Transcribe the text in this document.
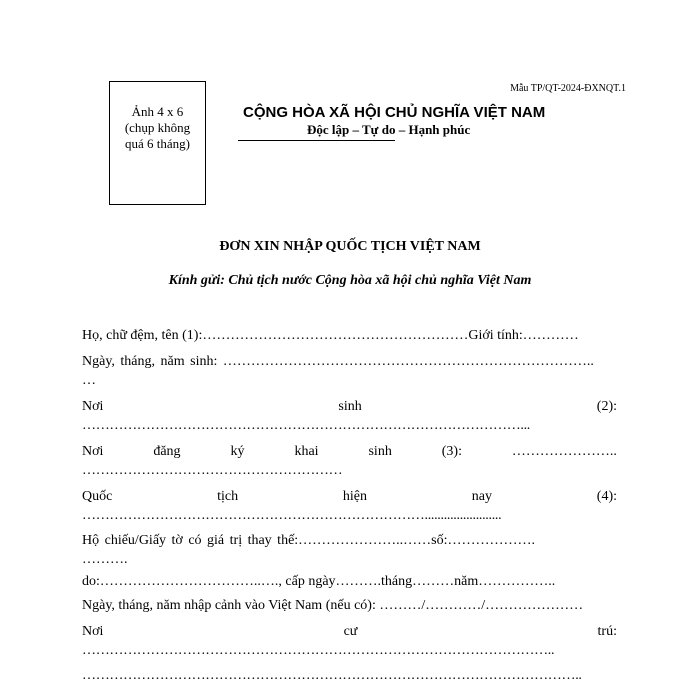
Ảnh 4 x 6
(chụp không
quá 6 tháng)
Mẫu TP/QT-2024-ĐXNQT.1
CỘNG HÒA XÃ HỘI CHỦ NGHĨA VIỆT NAM
Độc lập – Tự do – Hạnh phúc
ĐƠN XIN NHẬP QUỐC TỊCH VIỆT NAM
Kính gửi: Chủ tịch nước Cộng hòa xã hội chủ nghĩa Việt Nam
Họ, chữ đệm, tên (1):…………………………………………………Giới tính:…………
Ngày, tháng, năm sinh: ……………………………………………………………………..
…
Nơi	sinh	(2):
……………………………………………………………………………………...
Nơi	đăng	ký	khai	sinh	(3):	…………………..
…………………………………………………
Quốc	tịch	hiện	nay	(4):
…………………………………………………………………........................
Hộ chiếu/Giấy tờ có giá trị thay thế:…………………..……số:……………….
……….
do:……………………………..…., cấp ngày……….tháng………năm……………..
Ngày, tháng, năm nhập cảnh vào Việt Nam (nếu có): ………/…………/…………………
Nơi	cư	trú:
…………………………………………………………………………………………..
………………………………………………………………………………………………..
